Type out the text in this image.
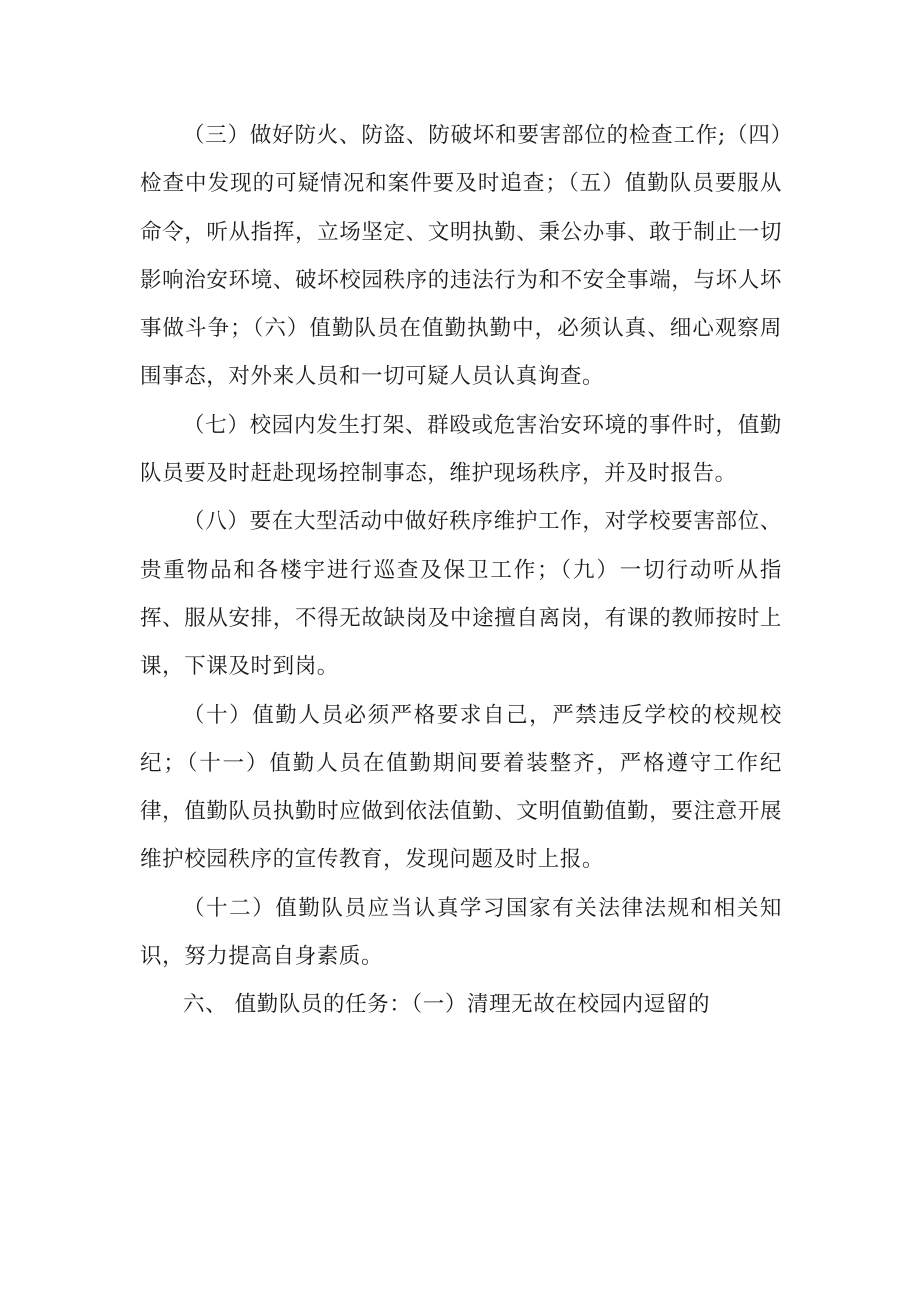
（三）做好防火、防盗、防破坏和要害部位的检查工作;（四）检查中发现的可疑情况和案件要及时追查；（五）值勤队员要服从命令，听从指挥，立场坚定、文明执勤、秉公办事、敢于制止一切影响治安环境、破坏校园秩序的违法行为和不安全事端，与坏人坏事做斗争；（六）值勤队员在值勤执勤中，必须认真、细心观察周围事态，对外来人员和一切可疑人员认真询查。

（七）校园内发生打架、群殴或危害治安环境的事件时，值勤队员要及时赶赴现场控制事态，维护现场秩序，并及时报告。

（八）要在大型活动中做好秩序维护工作，对学校要害部位、贵重物品和各楼宇进行巡查及保卫工作；（九）一切行动听从指挥、服从安排，不得无故缺岗及中途擅自离岗，有课的教师按时上课，下课及时到岗。

（十）值勤人员必须严格要求自己，严禁违反学校的校规校纪；（十一）值勤人员在值勤期间要着装整齐，严格遵守工作纪律，值勤队员执勤时应做到依法值勤、文明值勤值勤，要注意开展维护校园秩序的宣传教育，发现问题及时上报。

（十二）值勤队员应当认真学习国家有关法律法规和相关知识，努力提高自身素质。

六、 值勤队员的任务：（一）清理无故在校园内逗留的
